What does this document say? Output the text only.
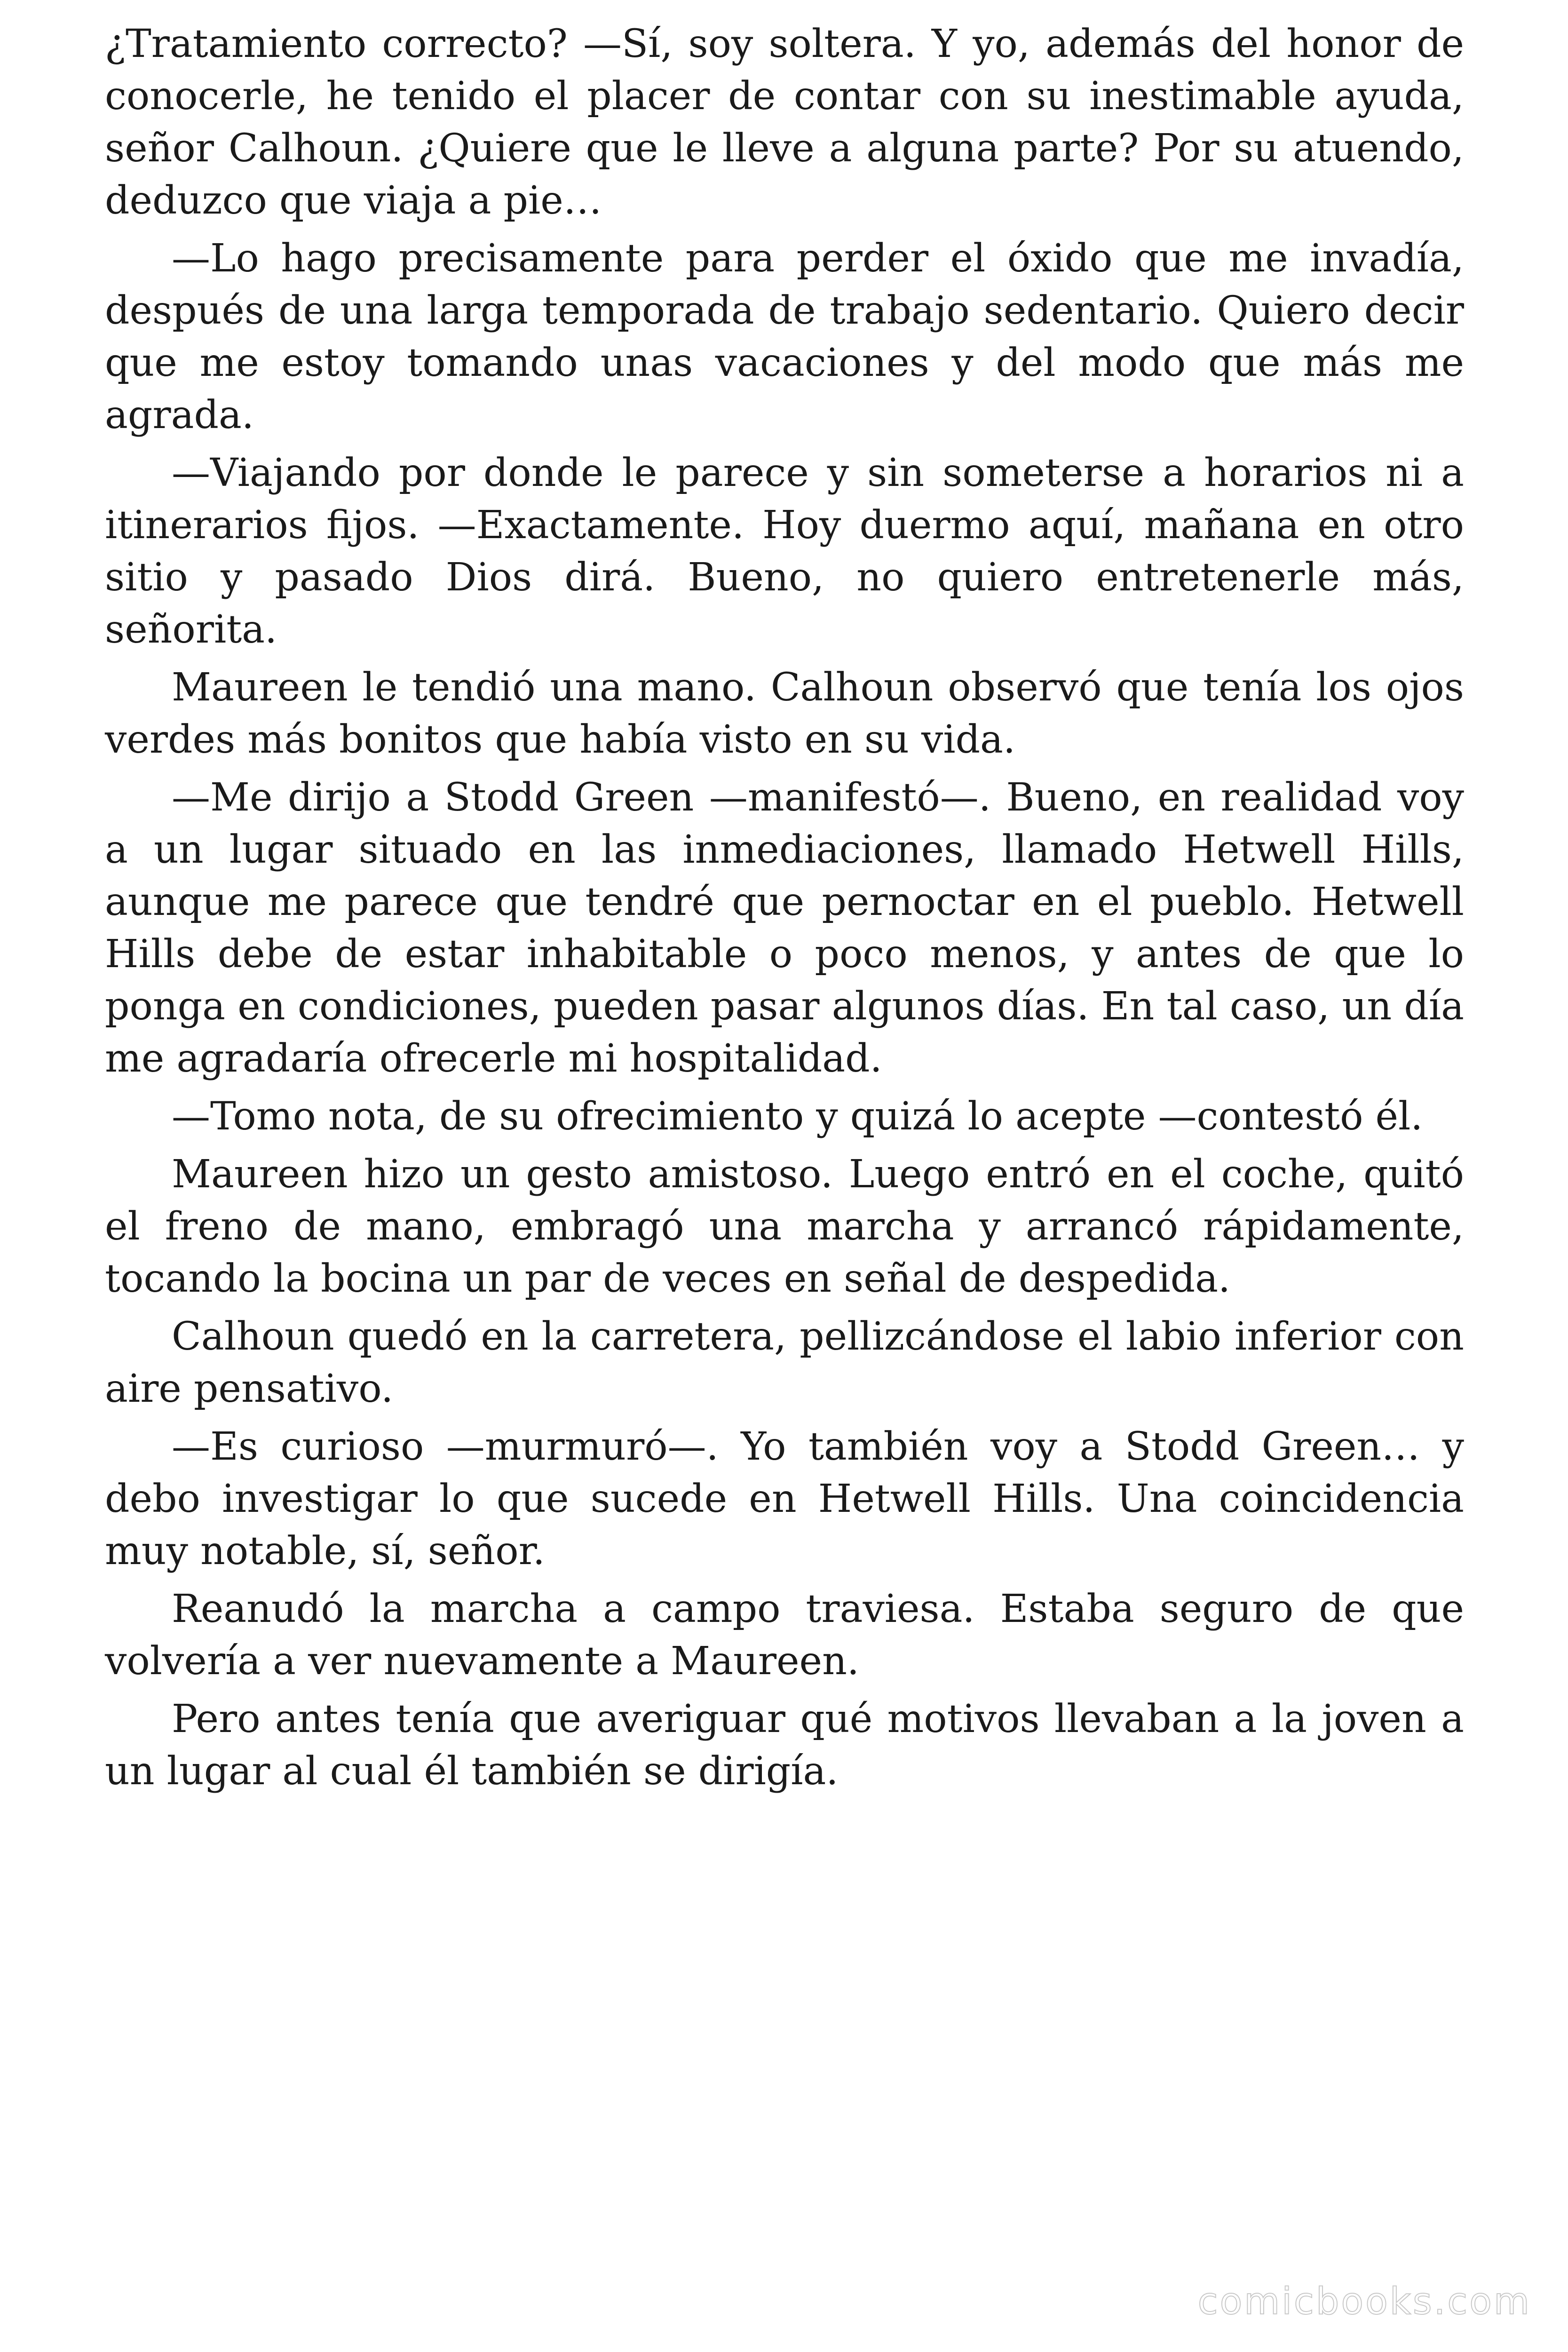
¿Tratamiento correcto? —Sí, soy soltera. Y yo, además del honor de conocerle, he tenido el placer de contar con su inestimable ayuda, señor Calhoun. ¿Quiere que le lleve a alguna parte? Por su atuendo, deduzco que viaja a pie…

—Lo hago precisamente para perder el óxido que me invadía, después de una larga temporada de trabajo sedentario. Quiero decir que me estoy tomando unas vacaciones y del modo que más me agrada.

—Viajando por donde le parece y sin someterse a horarios ni a itinerarios fijos. —Exactamente. Hoy duermo aquí, mañana en otro sitio y pasado Dios dirá. Bueno, no quiero entretenerle más, señorita.

Maureen le tendió una mano. Calhoun observó que tenía los ojos verdes más bonitos que había visto en su vida.

—Me dirijo a Stodd Green —manifestó—. Bueno, en realidad voy a un lugar situado en las inmediaciones, llamado Hetwell Hills, aunque me parece que tendré que pernoctar en el pueblo. Hetwell Hills debe de estar inhabitable o poco menos, y antes de que lo ponga en condiciones, pueden pasar algunos días. En tal caso, un día me agradaría ofrecerle mi hospitalidad.

—Tomo nota, de su ofrecimiento y quizá lo acepte —contestó él.

Maureen hizo un gesto amistoso. Luego entró en el coche, quitó el freno de mano, embragó una marcha y arrancó rápidamente, tocando la bocina un par de veces en señal de despedida.

Calhoun quedó en la carretera, pellizcándose el labio inferior con aire pensativo.

—Es curioso —murmuró—. Yo también voy a Stodd Green… y debo investigar lo que sucede en Hetwell Hills. Una coincidencia muy notable, sí, señor.

Reanudó la marcha a campo traviesa. Estaba seguro de que volvería a ver nuevamente a Maureen.

Pero antes tenía que averiguar qué motivos llevaban a la joven a un lugar al cual él también se dirigía.

comicbooks.com
